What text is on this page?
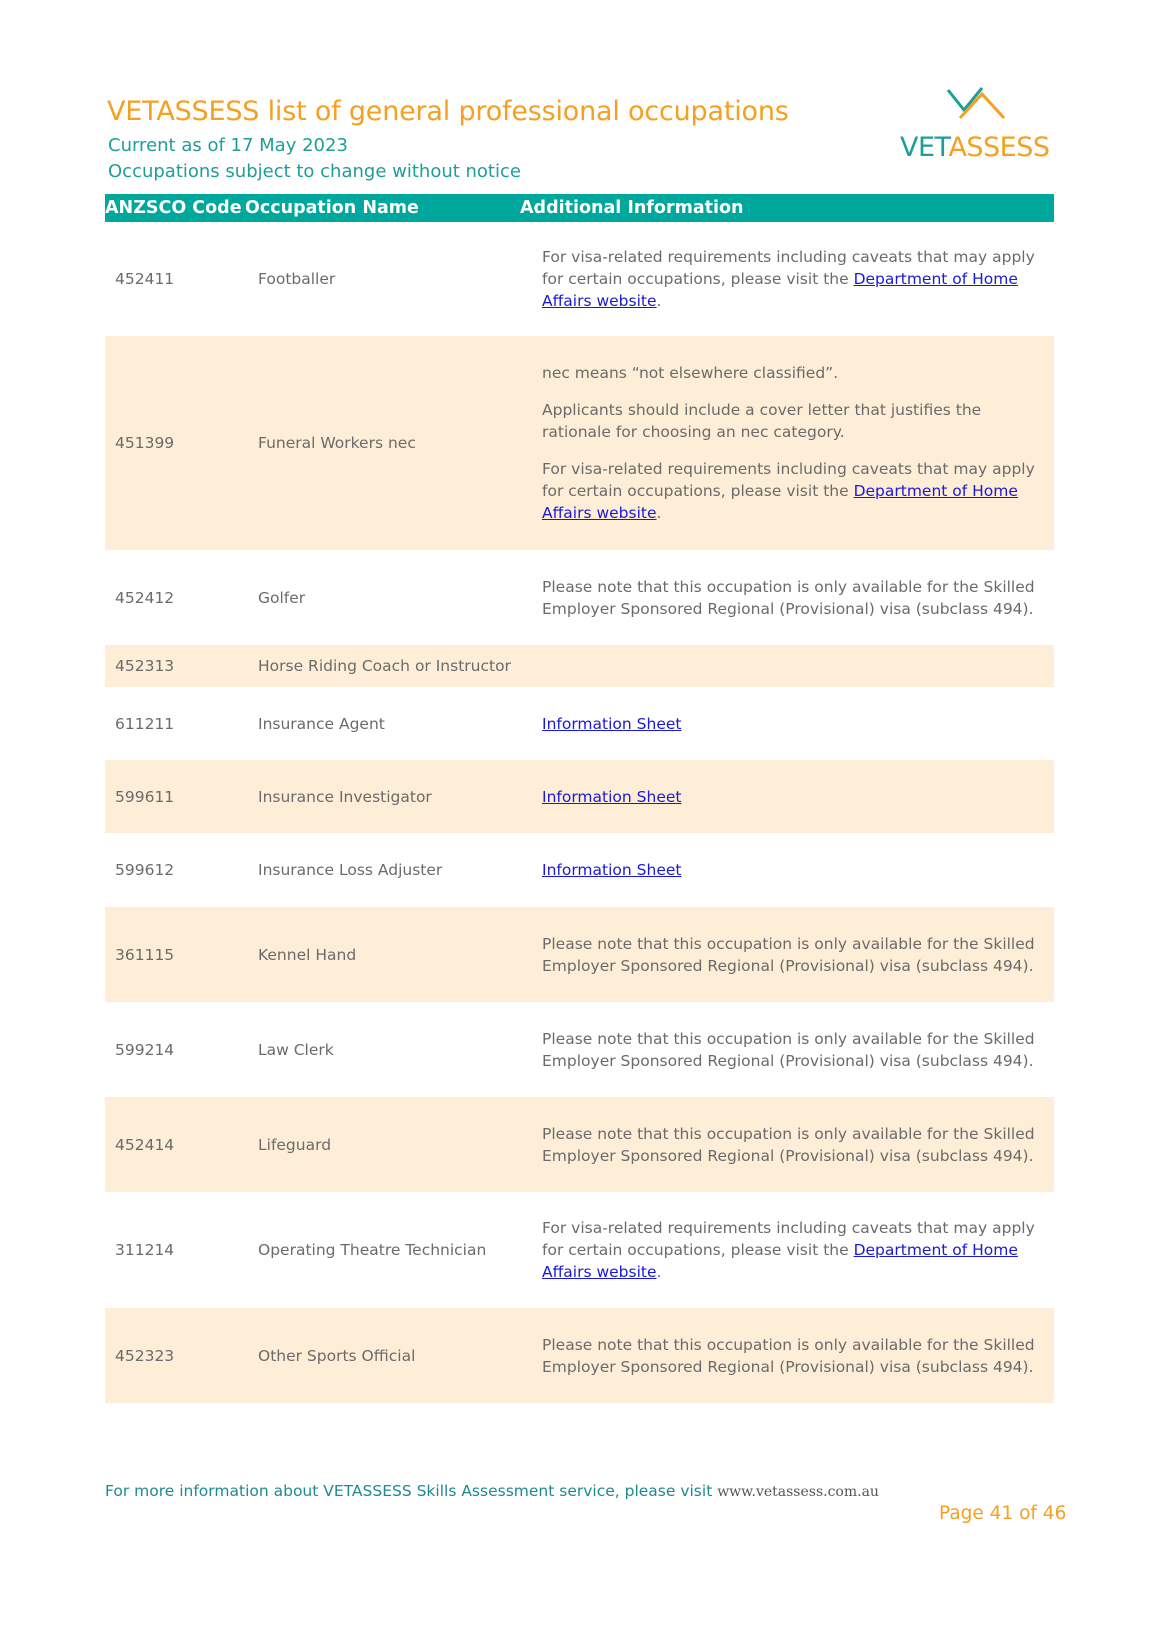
VETASSESS list of general professional occupations
Current as of 17 May 2023
Occupations subject to change without notice
VETASSESS
ANZSCO Code Occupation Name	Additional Information
452411	Footballer

For visa-related requirements including caveats that may apply for certain occupations, please visit the Department of Home Affairs website.

451399	Funeral Workers nec

nec means “not elsewhere classified”.

Applicants should include a cover letter that justifies the rationale for choosing an nec category.

For visa-related requirements including caveats that may apply for certain occupations, please visit the Department of Home Affairs website.

452412	Golfer
Please note that this occupation is only available for the Skilled Employer Sponsored Regional (Provisional) visa (subclass 494).
452313	Horse Riding Coach or Instructor
611211	Insurance Agent	Information Sheet
599611	Insurance Investigator	Information Sheet
599612	Insurance Loss Adjuster	Information Sheet
361115	Kennel Hand
Please note that this occupation is only available for the Skilled Employer Sponsored Regional (Provisional) visa (subclass 494).
599214	Law Clerk
Please note that this occupation is only available for the Skilled Employer Sponsored Regional (Provisional) visa (subclass 494).
452414	Lifeguard
Please note that this occupation is only available for the Skilled Employer Sponsored Regional (Provisional) visa (subclass 494).
311214	Operating Theatre Technician

For visa-related requirements including caveats that may apply for certain occupations, please visit the Department of Home Affairs website.

452323	Other Sports Official
Please note that this occupation is only available for the Skilled Employer Sponsored Regional (Provisional) visa (subclass 494).
For more information about VETASSESS Skills Assessment service, please visit www.vetassess.com.au
Page 41 of 46
